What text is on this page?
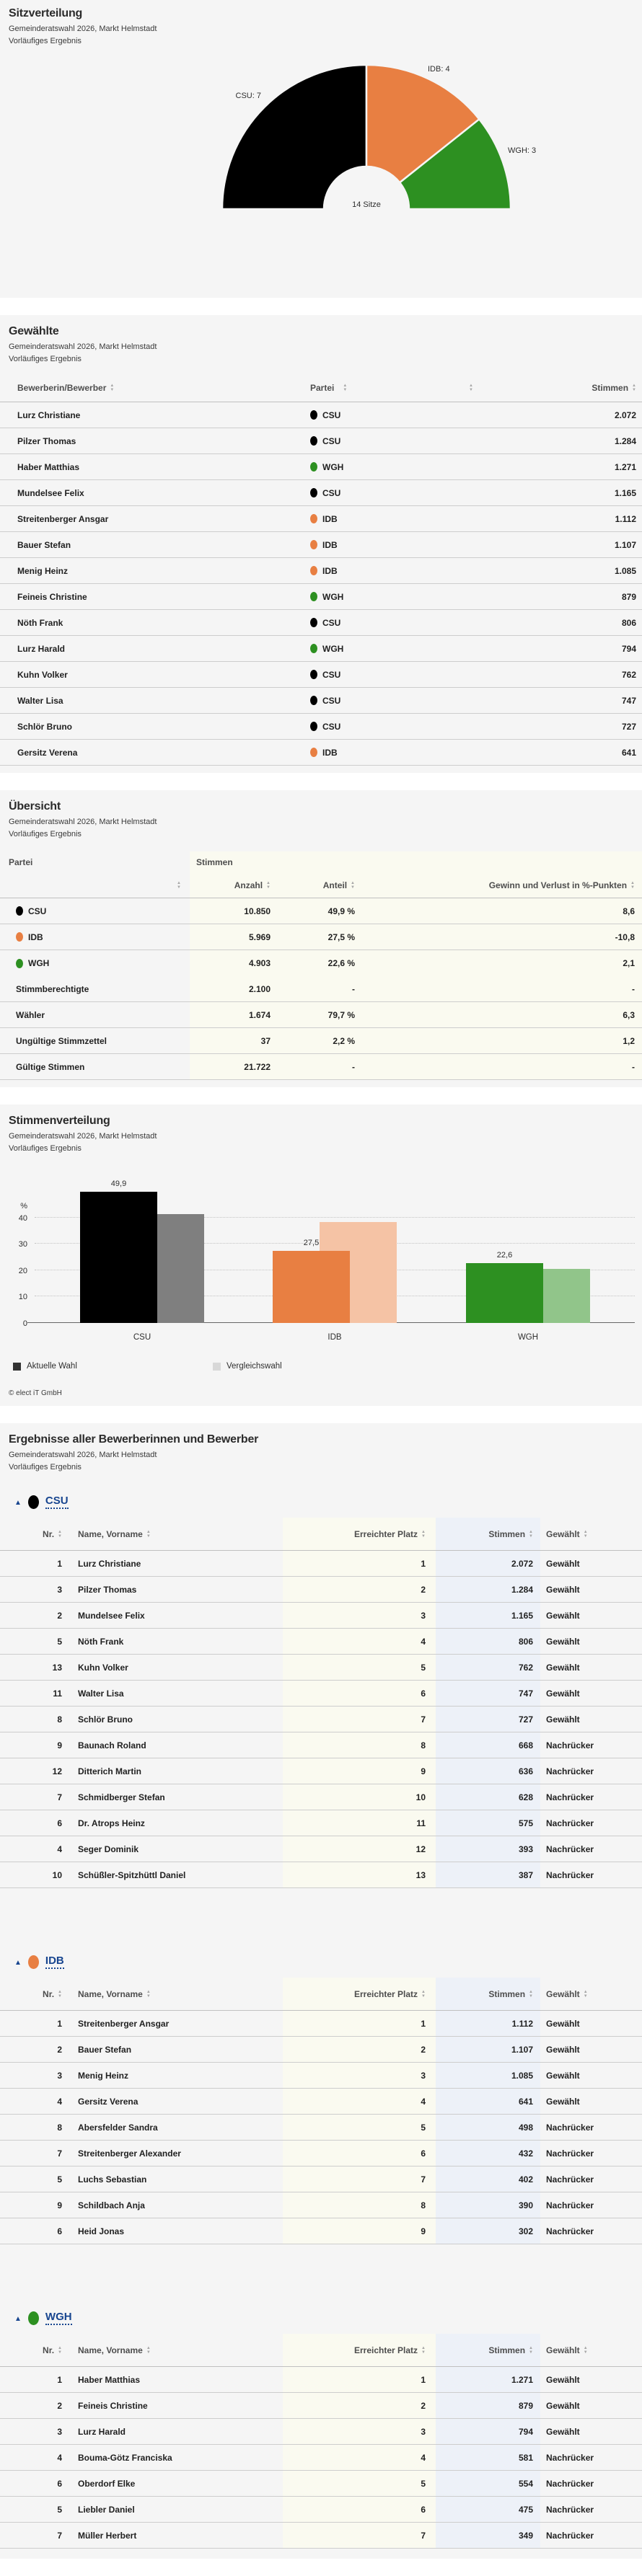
Sitzverteilung
Gemeinderatswahl 2026, Markt Helmstadt
Vorläufiges Ergebnis
CSU: 7
IDB: 4
WGH: 3
14 Sitze
Gewählte
Gemeinderatswahl 2026, Markt Helmstadt
Vorläufiges Ergebnis
Bewerberin/Bewerber ▲ ▼	Partei ▲ ▼ ▲ ▼	Stimmen
▲ ▼
Lurz Christiane	CSU	2.072
Pilzer Thomas	CSU	1.284
Haber Matthias	WGH	1.271
Mundelsee Felix	CSU	1.165
Streitenberger Ansgar	IDB	1.112
Bauer Stefan	IDB	1.107
Menig Heinz	IDB	1.085
Feineis Christine	WGH	879
Nöth Frank	CSU	806
Lurz Harald	WGH	794
Kuhn Volker	CSU	762
Walter Lisa	CSU	747
Schlör Bruno	CSU	727
Gersitz Verena	IDB	641
Übersicht
Gemeinderatswahl 2026, Markt Helmstadt
Vorläufiges Ergebnis
Partei	Stimmen
▲ ▼
Anzahl ▲ ▼	Anteil ▲ ▼	Gewinn und Verlust in %-Punkten
▲ ▼
CSU	10.850	49,9 %	8,6
IDB	5.969	27,5 %	-10,8
WGH	4.903	22,6 %	2,1
Stimmberechtigte	2.100	-	-
Wähler	1.674	79,7 %	6,3
Ungültige Stimmzettel	37	2,2 %	1,2
Gültige Stimmen	21.722	-	-
Stimmenverteilung
Gemeinderatswahl 2026, Markt Helmstadt
Vorläufiges Ergebnis
0
10
20
30
40
%
49,9
CSU
27,5
IDB
22,6
WGH
Aktuelle Wahl	Vergleichswahl
© elect iT GmbH
Ergebnisse aller Bewerberinnen und Bewerber
Gemeinderatswahl 2026, Markt Helmstadt
Vorläufiges Ergebnis
▲
CSU
Nr. ▲ ▼	Name, Vorname ▲ ▼	Erreichter Platz ▲ ▼	Stimmen ▲ ▼ Gewählt
▲ ▼
1	Lurz Christiane	1	2.072	Gewählt
3	Pilzer Thomas	2	1.284	Gewählt
2	Mundelsee Felix	3	1.165	Gewählt
5	Nöth Frank	4	806	Gewählt
13	Kuhn Volker	5	762	Gewählt
11	Walter Lisa	6	747	Gewählt
8	Schlör Bruno	7	727	Gewählt
9	Baunach Roland	8	668	Nachrücker
12	Ditterich Martin	9	636	Nachrücker
7	Schmidberger Stefan	10	628	Nachrücker
6	Dr. Atrops Heinz	11	575	Nachrücker
4	Seger Dominik	12	393	Nachrücker
10	Schüßler-Spitzhüttl Daniel	13	387	Nachrücker
▲
IDB
Nr. ▲ ▼	Name, Vorname ▲ ▼	Erreichter Platz ▲ ▼	Stimmen ▲ ▼ Gewählt
▲ ▼
1	Streitenberger Ansgar	1	1.112	Gewählt
2	Bauer Stefan	2	1.107	Gewählt
3	Menig Heinz	3	1.085	Gewählt
4	Gersitz Verena	4	641	Gewählt
8	Abersfelder Sandra	5	498	Nachrücker
7	Streitenberger Alexander	6	432	Nachrücker
5	Luchs Sebastian	7	402	Nachrücker
9	Schildbach Anja	8	390	Nachrücker
6	Heid Jonas	9	302	Nachrücker
▲
WGH
Nr. ▲ ▼	Name, Vorname ▲ ▼	Erreichter Platz ▲ ▼	Stimmen ▲ ▼ Gewählt
▲ ▼
1	Haber Matthias	1	1.271	Gewählt
2	Feineis Christine	2	879	Gewählt
3	Lurz Harald	3	794	Gewählt
4	Bouma-Götz Franciska	4	581	Nachrücker
6	Oberdorf Elke	5	554	Nachrücker
5	Liebler Daniel	6	475	Nachrücker
7	Müller Herbert	7	349	Nachrücker
